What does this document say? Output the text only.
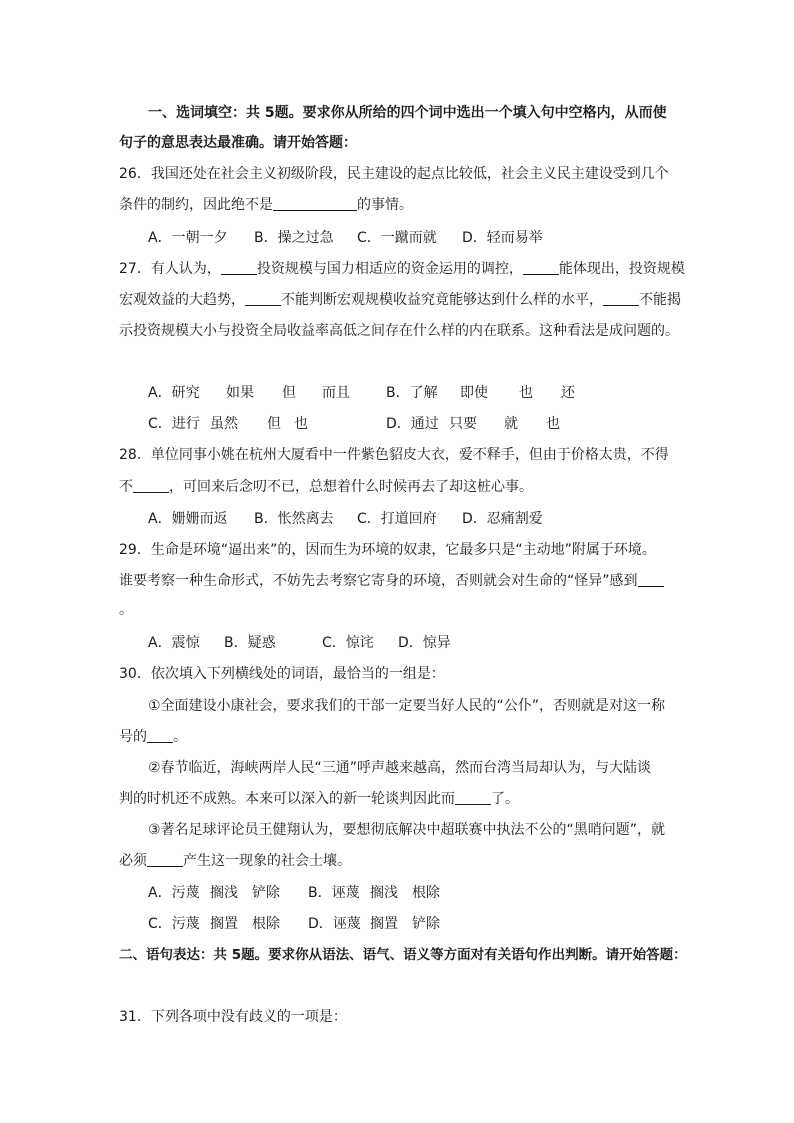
一、选词填空：共 5题。要求你从所给的四个词中选出一个填入句中空格内，从而使
句子的意思表达最准确。请开始答题：
26．我国还处在社会主义初级阶段，民主建设的起点比较低，社会主义民主建设受到几个
条件的制约，因此绝不是	的事情。
A．一朝一夕 B．操之过急 C．一蹴而就 D．轻而易举
27．有人认为，	投资规模与国力相适应的资金运用的调控，	能体现出，投资规模
宏观效益的大趋势，	不能判断宏观规模收益究竟能够达到什么样的水平，	不能揭
示投资规模大小与投资全局收益率高低之间存在什么样的内在联系。这种看法是成问题的。
A．研究 如果 但 而且	B．了解 即使 也 还
C．进行 虽然 但 也	D．通过 只要 就 也
28．单位同事小姚在杭州大厦看中一件紫色貂皮大衣，爱不释手，但由于价格太贵，不得
不	，可回来后念叨不已，总想着什么时候再去了却这桩心事。
A．姗姗而返 B．怅然离去 C．打道回府 D．忍痛割爱
29．生命是环境“逼出来”的，因而生为环境的奴隶，它最多只是“主动地”附属于环境。
谁要考察一种生命形式，不妨先去考察它寄身的环境，否则就会对生命的“怪异”感到
。
A．震惊 B．疑惑	C．惊诧 D．惊异
30．依次填入下列横线处的词语，最恰当的一组是：
①全面建设小康社会，要求我们的干部一定要当好人民的“公仆”，否则就是对这一称
号的 。
②春节临近，海峡两岸人民“三通”呼声越来越高，然而台湾当局却认为，与大陆谈
判的时机还不成熟。本来可以深入的新一轮谈判因此而	了。
③著名足球评论员王健翔认为，要想彻底解决中超联赛中执法不公的“黑哨问题”，就
必须	产生这一现象的社会土壤。
A．污蔑 搁浅 铲除 B．诬蔑 搁浅 根除
C．污蔑 搁置 根除 D．诬蔑 搁置 铲除
二、语句表达：共 5题。要求你从语法、语气、语义等方面对有关语句作出判断。请开始答题：
31．下列各项中没有歧义的一项是：
